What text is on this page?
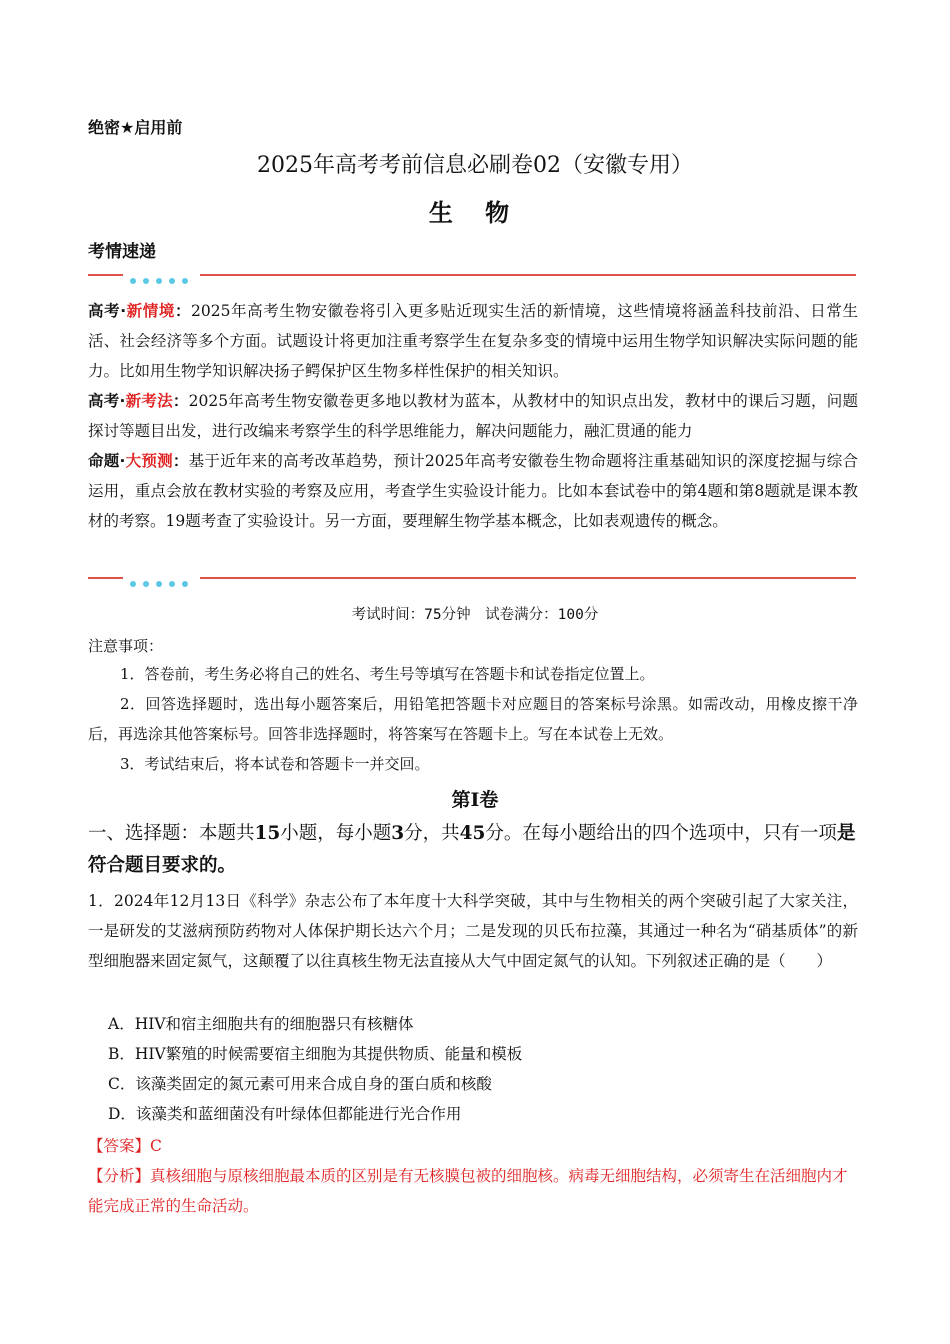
绝密★启用前
2025年高考考前信息必刷卷02（安徽专用）
生 物
考情速递
高考·新情境：2025年高考生物安徽卷将引入更多贴近现实生活的新情境，这些情境将涵盖科技前沿、日常生活、社会经济等多个方面。试题设计将更加注重考察学生在复杂多变的情境中运用生物学知识解决实际问题的能力。比如用生物学知识解决扬子鳄保护区生物多样性保护的相关知识。
高考·新考法：2025年高考生物安徽卷更多地以教材为蓝本，从教材中的知识点出发，教材中的课后习题，问题探讨等题目出发，进行改编来考察学生的科学思维能力，解决问题能力，融汇贯通的能力
命题·大预测：基于近年来的高考改革趋势，预计2025年高考安徽卷生物命题将注重基础知识的深度挖掘与综合运用，重点会放在教材实验的考察及应用，考查学生实验设计能力。比如本套试卷中的第4题和第8题就是课本教材的考察。19题考查了实验设计。另一方面，要理解生物学基本概念，比如表观遗传的概念。
考试时间：75分钟　试卷满分：100分
注意事项：
1．答卷前，考生务必将自己的姓名、考生号等填写在答题卡和试卷指定位置上。
2．回答选择题时，选出每小题答案后，用铅笔把答题卡对应题目的答案标号涂黑。如需改动，用橡皮擦干净后，再选涂其他答案标号。回答非选择题时，将答案写在答题卡上。写在本试卷上无效。
3．考试结束后，将本试卷和答题卡一并交回。
第I卷
一、选择题：本题共15小题，每小题3分，共45分。在每小题给出的四个选项中，只有一项是符合题目要求的。
1．2024年12月13日《科学》杂志公布了本年度十大科学突破，其中与生物相关的两个突破引起了大家关注，一是研发的艾滋病预防药物对人体保护期长达六个月；二是发现的贝氏布拉藻，其通过一种名为“硝基质体”的新型细胞器来固定氮气，这颠覆了以往真核生物无法直接从大气中固定氮气的认知。下列叙述正确的是（　　）
A．HIV和宿主细胞共有的细胞器只有核糖体
B．HIV繁殖的时候需要宿主细胞为其提供物质、能量和模板
C．该藻类固定的氮元素可用来合成自身的蛋白质和核酸
D．该藻类和蓝细菌没有叶绿体但都能进行光合作用
【答案】C
【分析】真核细胞与原核细胞最本质的区别是有无核膜包被的细胞核。病毒无细胞结构，必须寄生在活细胞内才能完成正常的生命活动。
